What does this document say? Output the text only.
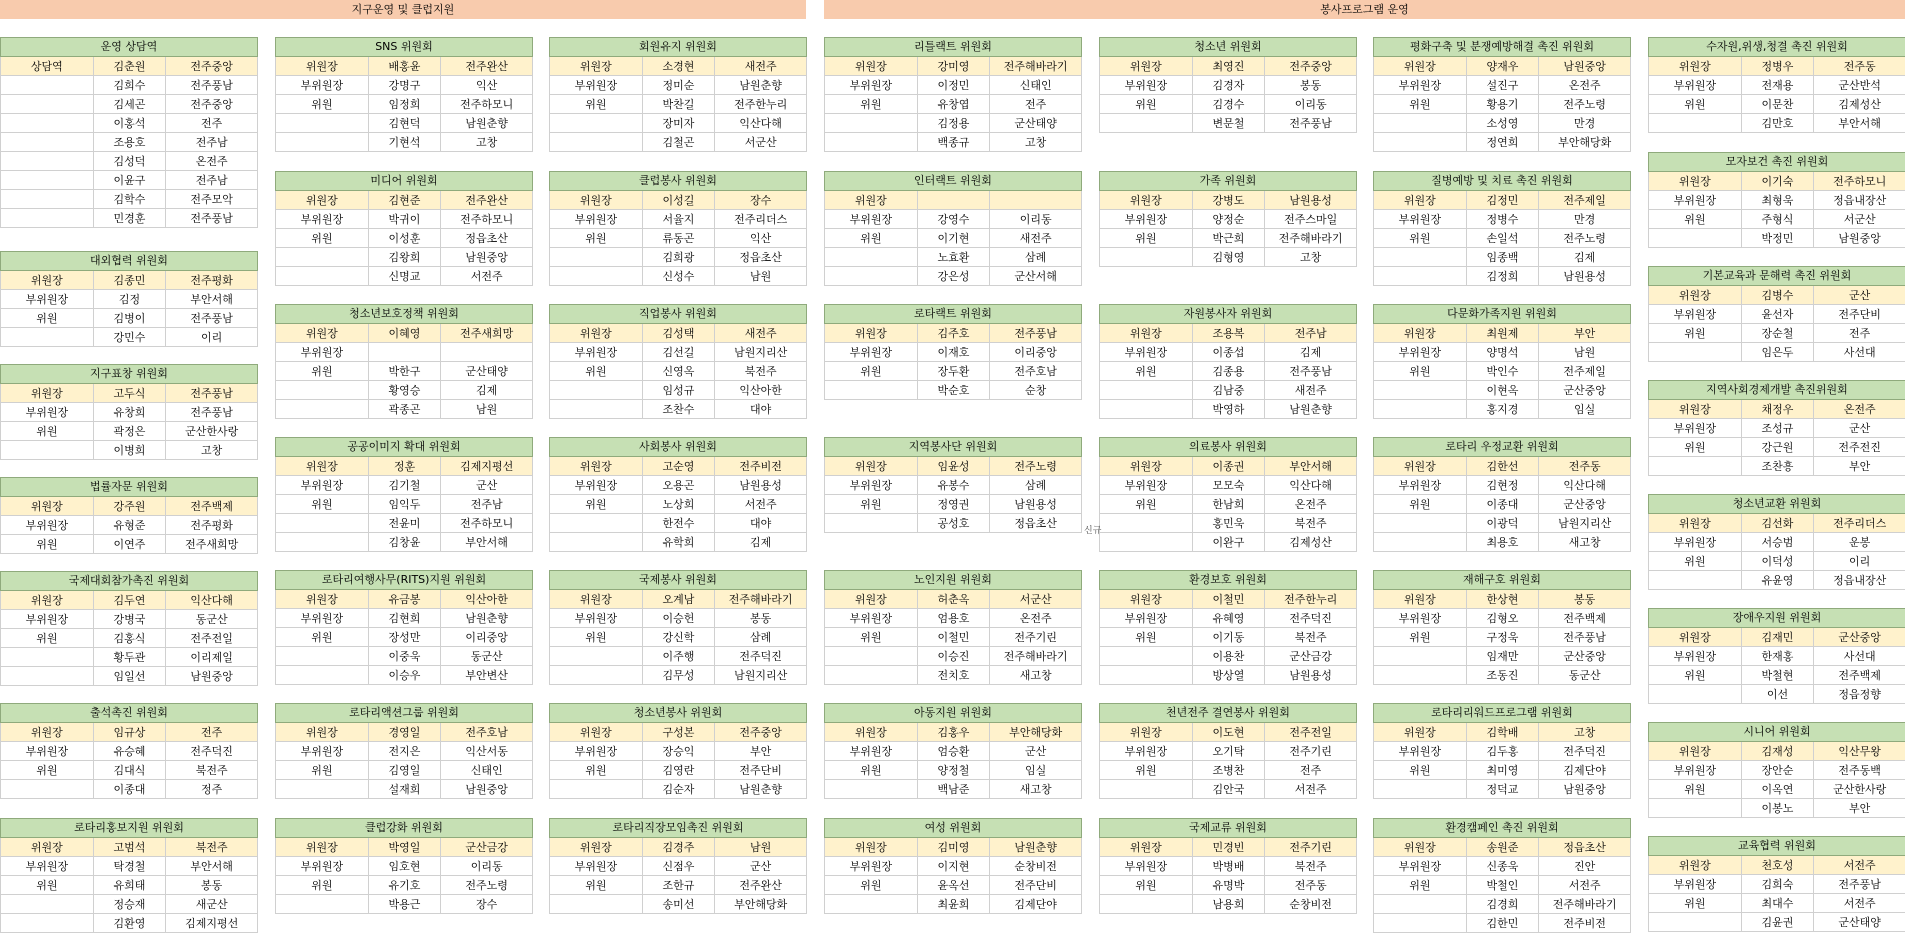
지구운영 및 클럽지원	봉사프로그램 운영
운영 상담역
상담역	김춘원	전주중앙
김희수	전주풍남
김세곤	전주중앙
이홍석	전주
조용호	전주남
김성덕	온전주
이윤구	전주남
김학수	전주모악
민경훈	전주풍남
대외협력 위원회
위원장	김종민	전주평화
부위원장	김정	부안서해
위원	김병이	전주풍남
강민수	이리
지구표창 위원회
위원장	고두식	전주풍남
부위원장	유창희	전주풍남
위원	곽정은	군산한사랑
이병희	고창
법률자문 위원회
위원장	강주원	전주백제
부위원장	유형준	전주평화
위원	이연주	전주새희망
국제대회참가촉진 위원회
위원장	김두연	익산다해
부위원장	강병국	동군산
위원	김홍식	전주전일
황두관	이리제일
임일선	남원중앙
출석촉진 위원회
위원장	임규상	전주
부위원장	유승혜	전주덕진
위원	김대식	북전주
이종대	정주
로타리홍보지원 위원회
위원장	고범석	북전주
부위원장	탁경철	부안서해
위원	유희태	봉동
정승재	새군산
김환영	김제지평선
SNS 위원회
위원장	배홍윤	전주완산
부위원장	강명구	익산
위원	임정희	전주하모니
김현덕	남원춘향
기현석	고창
미디어 위원회
위원장	김현준	전주완산
부위원장	박귀이	전주하모니
위원	이성훈	정읍초산
김왕희	남원중앙
신명교	서전주
청소년보호정책 위원회
위원장	이혜영	전주새희망
부위원장
위원	박한구	군산태양
황영승	김제
곽종곤	남원
공공이미지 확대 위원회
위원장	정훈	김제지평선
부위원장	김기철	군산
위원	임익두	전주남
전윤미	전주하모니
김창윤	부안서해
로타리여행사무(RITS)지원 위원회
위원장	유금봉	익산아한
부위원장	김현희	남원춘향
위원	장성만	이리중앙
이중욱	동군산
이승우	부안변산
로타리액션그룹 위원회
위원장	경영일	전주호남
부위원장	전지은	익산서동
위원	김영일	신태인
설재희	남원중앙
클럽강화 위원회
위원장	박영일	군산금강
부위원장	임호현	이리동
위원	유기호	전주노령
박용근	장수
회원유지 위원회
위원장	소경현	새전주
부위원장	정미순	남원춘향
위원	박찬길	전주한누리
장미자	익산다해
김철곤	서군산
클럽봉사 위원회
위원장	이성길	장수
부위원장	서율지	전주리더스
위원	류동곤	익산
김희광	정읍초산
신성수	남원
직업봉사 위원회
위원장	김성택	새전주
부위원장	김선길	남원지리산
위원	신영옥	북전주
임성규	익산아한
조찬수	대야
사회봉사 위원회
위원장	고순영	전주비전
부위원장	오용곤	남원용성
위원	노상희	서전주
한전수	대야
유학희	김제
국제봉사 위원회
위원장	오계남	전주해바라기
부위원장	이승헌	봉동
위원	강신학	삼례
이주행	전주덕진
김무성	남원지리산
청소년봉사 위원회
위원장	구성본	전주중앙
부위원장	장승익	부안
위원	김영란	전주단비
김순자	남원춘향
로타리직장모임촉진 위원회
위원장	김경주	남원
부위원장	신점우	군산
위원	조한규	전주완산
송미선	부안해당화
리틀랙트 위원회
위원장	강미영	전주해바라기
부위원장	이정민	신태인
위원	유창엽	전주
김정용	군산태양
백종규	고창
인터랙트 위원회
위원장
부위원장	강영수	이리동
위원	이기현	새전주
노효환	삼례
강은성	군산서해
로타랙트 위원회
위원장	김주호	전주풍남
부위원장	이재호	이리중앙
위원	장두환	전주호남
박순호	순창
지역봉사단 위원회
위원장	임윤성	전주노령
부위원장	유봉수	삼례
위원	정영권	남원용성
공성호	정읍초산
노인지원 위원회
위원장	허춘옥	서군산
부위원장	엄용호	온전주
위원	이철민	전주기린
이승진	전주해바라기
전치호	새고창
아동지원 위원회
위원장	김홍우	부안해당화
부위원장	엄승환	군산
위원	양정철	임실
백남준	새고창
여성 위원회
위원장	김미영	남원춘향
부위원장	이지현	순창비전
위원	윤옥선	전주단비
최윤희	김제단야
청소년 위원회
위원장	최영진	전주중앙
부위원장	김경자	봉동
위원	김경수	이리동
변문철	전주풍남
가족 위원회
위원장	강병도	남원용성
부위원장	양정순	전주스마일
위원	박근희	전주해바라기
김형영	고창
자원봉사자 위원회
위원장	조용복	전주남
부위원장	이종섭	김제
위원	김종용	전주풍남
김남중	새전주
박영하	남원춘향
의료봉사 위원회
위원장	이종권	부안서해
부위원장	모모숙	익산다해
위원	한남희	온전주
홍민욱	북전주
이완구	김제성산
환경보호 위원회
위원장	이철민	전주한누리
부위원장	유혜영	전주덕진
위원	이기동	북전주
이용찬	군산금강
방상열	남원용성
천년전주 결연봉사 위원회
위원장	이도현	전주전일
부위원장	오기탁	전주기린
위원	조병찬	전주
김안국	서전주
국제교류 위원회
위원장	민경빈	전주기린
부위원장	박병배	북전주
위원	유명박	전주동
남용희	순창비전
평화구축 및 분쟁예방해결 촉진 위원회
위원장	양재우	남원중앙
부위원장	설진구	온전주
위원	황용기	전주노령
소성영	만경
정연희	부안해당화
질병예방 및 치료 촉진 위원회
위원장	김정민	전주제일
부위원장	정병수	만경
위원	손일석	전주노령
임종백	김제
김정희	남원용성
다문화가족지원 위원회
위원장	최원제	부안
부위원장	양명석	남원
위원	박인수	전주제일
이현옥	군산중앙
홍지경	임실
로타리 우정교환 위원회
위원장	김한선	전주동
부위원장	김현정	익산다해
위원	이종대	군산중앙
이광덕	남원지리산
최용호	새고창
재해구호 위원회
위원장	한상현	봉동
부위원장	김형오	전주백제
위원	구정욱	전주풍남
임재만	군산중앙
조동진	동군산
로타리리워드프로그램 위원회
위원장	김학배	고창
부위원장	김두홍	전주덕진
위원	최미영	김제단야
정덕교	남원중앙
환경캠페인 촉진 위원회
위원장	송원준	정읍초산
부위원장	신종욱	진안
위원	박철인	서전주
김경희	전주해바라기
김한민	전주비전
수자원,위생,청결 촉진 위원회
위원장	정병우	전주동
부위원장	전재용	군산반석
위원	이문찬	김제성산
김만호	부안서해
모자보건 촉진 위원회
위원장	이기숙	전주하모니
부위원장	최형욱	정읍내장산
위원	주형식	서군산
박정민	남원중앙
기본교육과 문해력 촉진 위원회
위원장	김병수	군산
부위원장	윤선자	전주단비
위원	장순철	전주
임은두	사선대
지역사회경제개발 촉진위원회
위원장	채정우	온전주
부위원장	조성규	군산
위원	강근원	전주전진
조찬흥	부안
청소년교환 위원회
위원장	김선화	전주리더스
부위원장	서승범	운봉
위원	이덕성	이리
유윤영	정읍내장산
장애우지원 위원회
위원장	김재민	군산중앙
부위원장	한재홍	사선대
위원	박철현	전주백제
이선	정읍정향
시니어 위원회
위원장	김재성	익산무왕
부위원장	장안순	전주동백
위원	이옥연	군산한사랑
이봉노	부안
교육협력 위원회
위원장	천호성	서전주
부위원장	김희숙	전주풍남
위원	최대수	서전주
김윤권	군산태양
신규
